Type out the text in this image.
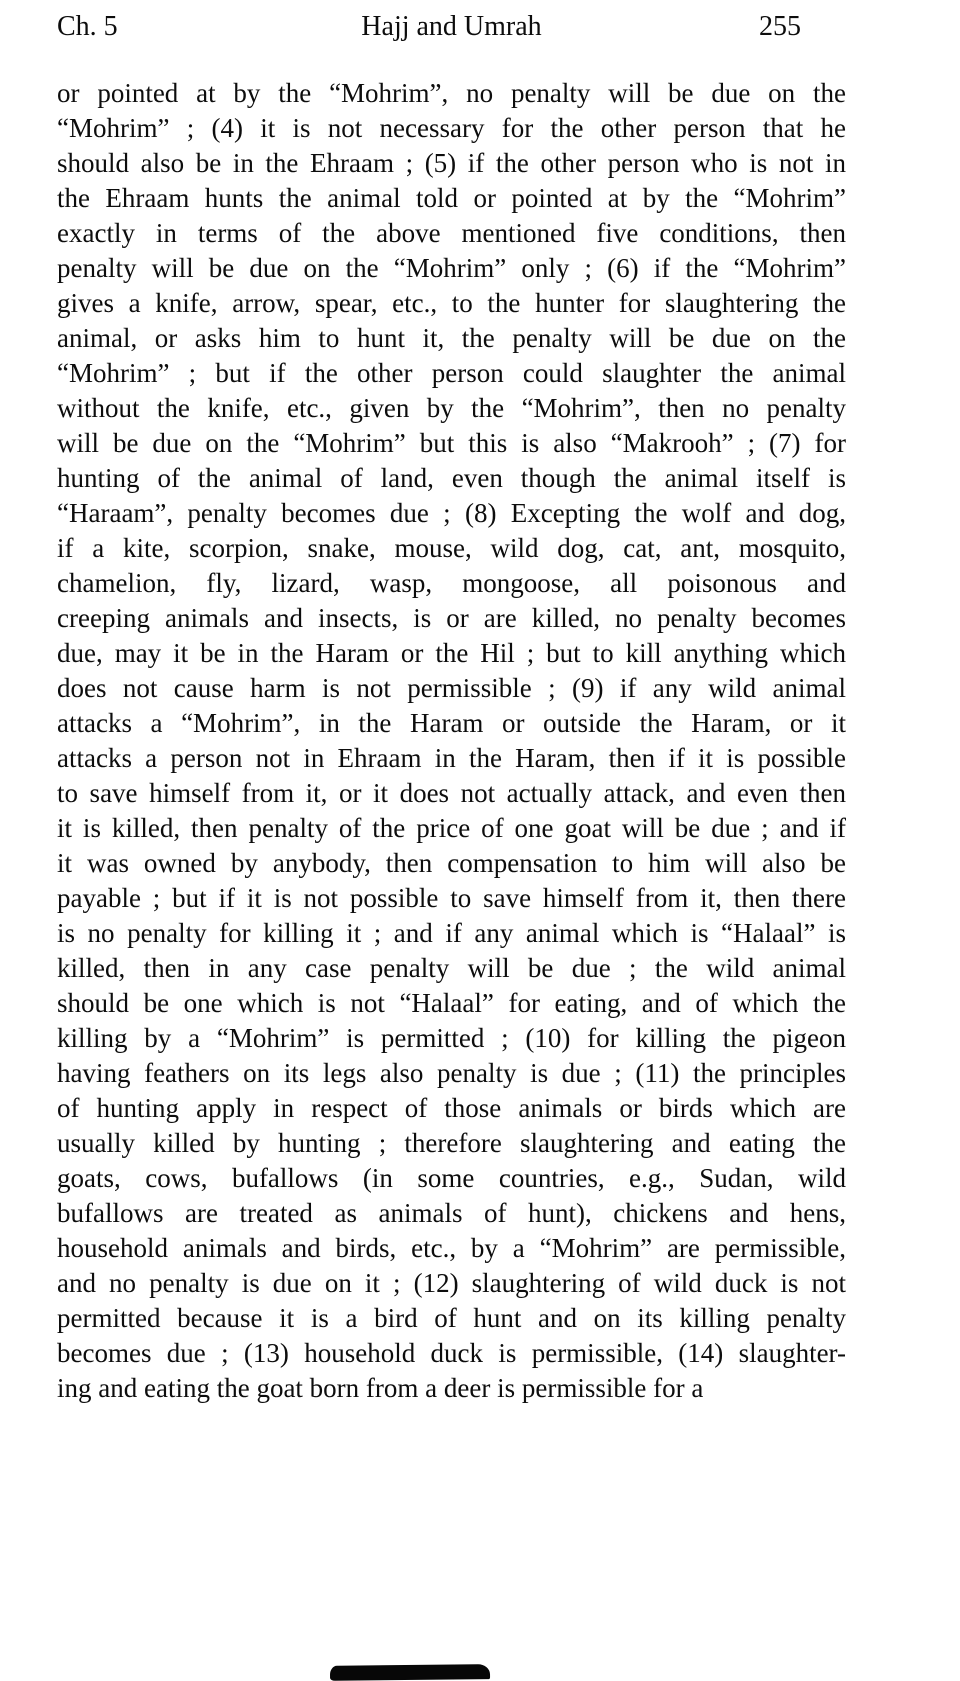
Ch. 5	Hajj and Umrah	255
or pointed at by the “Mohrim”, no penalty will be due on the
“Mohrim” ; (4) it is not necessary for the other person that he
should also be in the Ehraam ; (5) if the other person who is not in
the Ehraam hunts the animal told or pointed at by the “Mohrim”
exactly in terms of the above mentioned five conditions, then
penalty will be due on the “Mohrim” only ; (6) if the “Mohrim”
gives a knife, arrow, spear, etc., to the hunter for slaughtering the
animal, or asks him to hunt it, the penalty will be due on the
“Mohrim” ; but if the other person could slaughter the animal
without the knife, etc., given by the “Mohrim”, then no penalty
will be due on the “Mohrim” but this is also “Makrooh” ; (7) for
hunting of the animal of land, even though the animal itself is
“Haraam”, penalty becomes due ; (8) Excepting the wolf and dog,
if a kite, scorpion, snake, mouse, wild dog, cat, ant, mosquito,
chamelion, fly, lizard, wasp, mongoose, all poisonous and
creeping animals and insects, is or are killed, no penalty becomes
due, may it be in the Haram or the Hil ; but to kill anything which
does not cause harm is not permissible ; (9) if any wild animal
attacks a “Mohrim”, in the Haram or outside the Haram, or it
attacks a person not in Ehraam in the Haram, then if it is possible
to save himself from it, or it does not actually attack, and even then
it is killed, then penalty of the price of one goat will be due ; and if
it was owned by anybody, then compensation to him will also be
payable ; but if it is not possible to save himself from it, then there
is no penalty for killing it ; and if any animal which is “Halaal” is
killed, then in any case penalty will be due ; the wild animal
should be one which is not “Halaal” for eating, and of which the
killing by a “Mohrim” is permitted ; (10) for killing the pigeon
having feathers on its legs also penalty is due ; (11) the principles
of hunting apply in respect of those animals or birds which are
usually killed by hunting ; therefore slaughtering and eating the
goats, cows, bufallows (in some countries, e.g., Sudan, wild
bufallows are treated as animals of hunt), chickens and hens,
household animals and birds, etc., by a “Mohrim” are permissible,
and no penalty is due on it ; (12) slaughtering of wild duck is not
permitted because it is a bird of hunt and on its killing penalty
becomes due ; (13) household duck is permissible, (14) slaughter-
ing and eating the goat born from a deer is permissible for a
